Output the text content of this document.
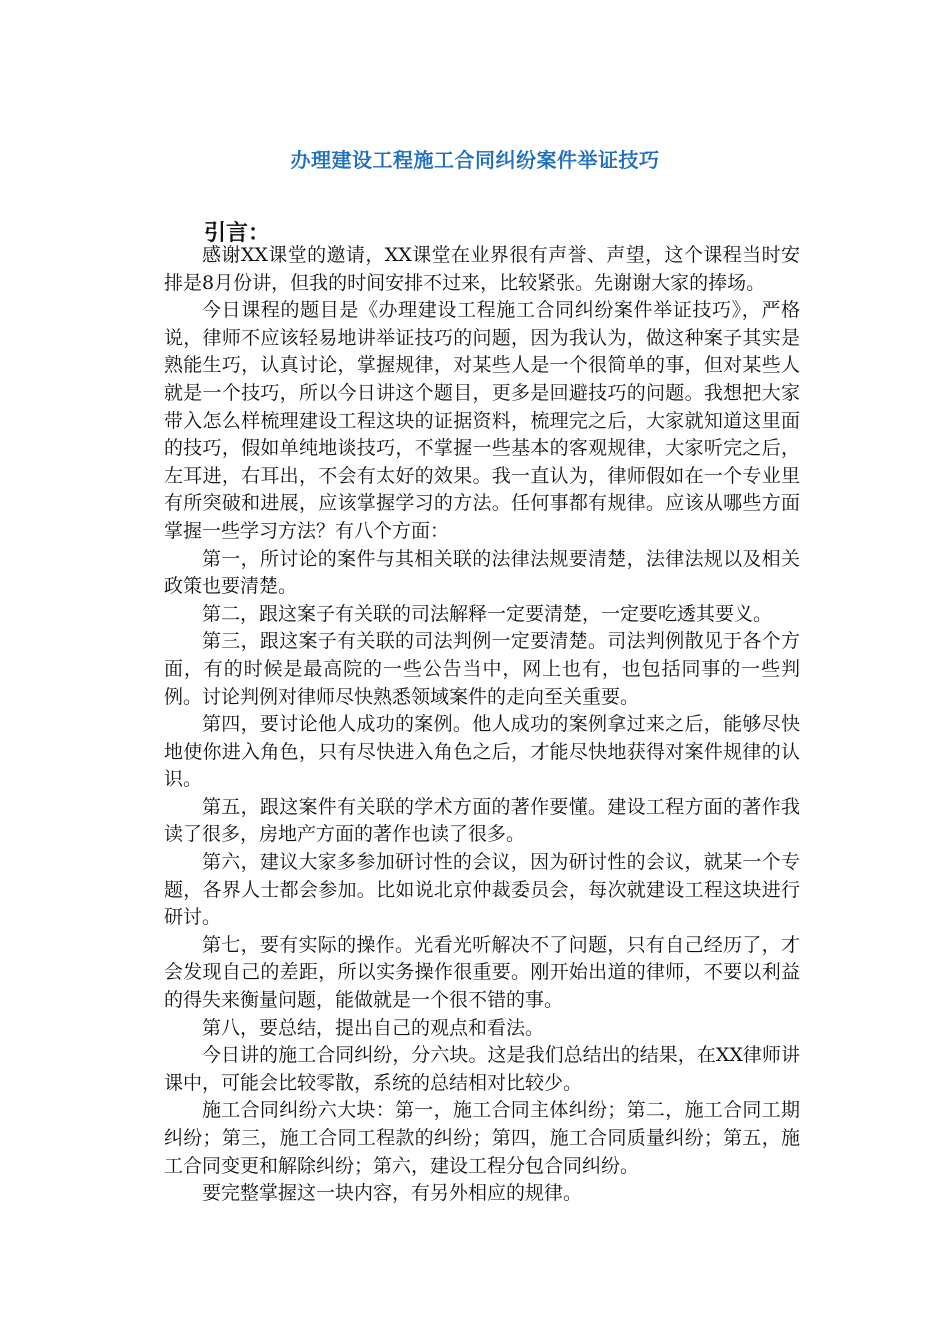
办理建设工程施工合同纠纷案件举证技巧
引言：

感谢XX课堂的邀请，XX课堂在业界很有声誉、声望，这个课程当时安排是8月份讲，但我的时间安排不过来，比较紧张。先谢谢大家的捧场。

今日课程的题目是《办理建设工程施工合同纠纷案件举证技巧》，严格说，律师不应该轻易地讲举证技巧的问题，因为我认为，做这种案子其实是熟能生巧，认真讨论，掌握规律，对某些人是一个很简单的事，但对某些人就是一个技巧，所以今日讲这个题目，更多是回避技巧的问题。我想把大家带入怎么样梳理建设工程这块的证据资料，梳理完之后，大家就知道这里面的技巧，假如单纯地谈技巧，不掌握一些基本的客观规律，大家听完之后，左耳进，右耳出，不会有太好的效果。我一直认为，律师假如在一个专业里有所突破和进展，应该掌握学习的方法。任何事都有规律。应该从哪些方面掌握一些学习方法？有八个方面：

第一，所讨论的案件与其相关联的法律法规要清楚，法律法规以及相关政策也要清楚。

第二，跟这案子有关联的司法解释一定要清楚，一定要吃透其要义。

第三，跟这案子有关联的司法判例一定要清楚。司法判例散见于各个方面，有的时候是最高院的一些公告当中，网上也有，也包括同事的一些判例。讨论判例对律师尽快熟悉领域案件的走向至关重要。

第四，要讨论他人成功的案例。他人成功的案例拿过来之后，能够尽快地使你进入角色，只有尽快进入角色之后，才能尽快地获得对案件规律的认识。

第五，跟这案件有关联的学术方面的著作要懂。建设工程方面的著作我读了很多，房地产方面的著作也读了很多。

第六，建议大家多参加研讨性的会议，因为研讨性的会议，就某一个专题，各界人士都会参加。比如说北京仲裁委员会，每次就建设工程这块进行研讨。

第七，要有实际的操作。光看光听解决不了问题，只有自己经历了，才会发现自己的差距，所以实务操作很重要。刚开始出道的律师，不要以利益的得失来衡量问题，能做就是一个很不错的事。

第八，要总结，提出自己的观点和看法。

今日讲的施工合同纠纷，分六块。这是我们总结出的结果，在XX律师讲课中，可能会比较零散，系统的总结相对比较少。

施工合同纠纷六大块：第一，施工合同主体纠纷；第二，施工合同工期纠纷；第三，施工合同工程款的纠纷；第四，施工合同质量纠纷；第五，施工合同变更和解除纠纷；第六，建设工程分包合同纠纷。

要完整掌握这一块内容，有另外相应的规律。
